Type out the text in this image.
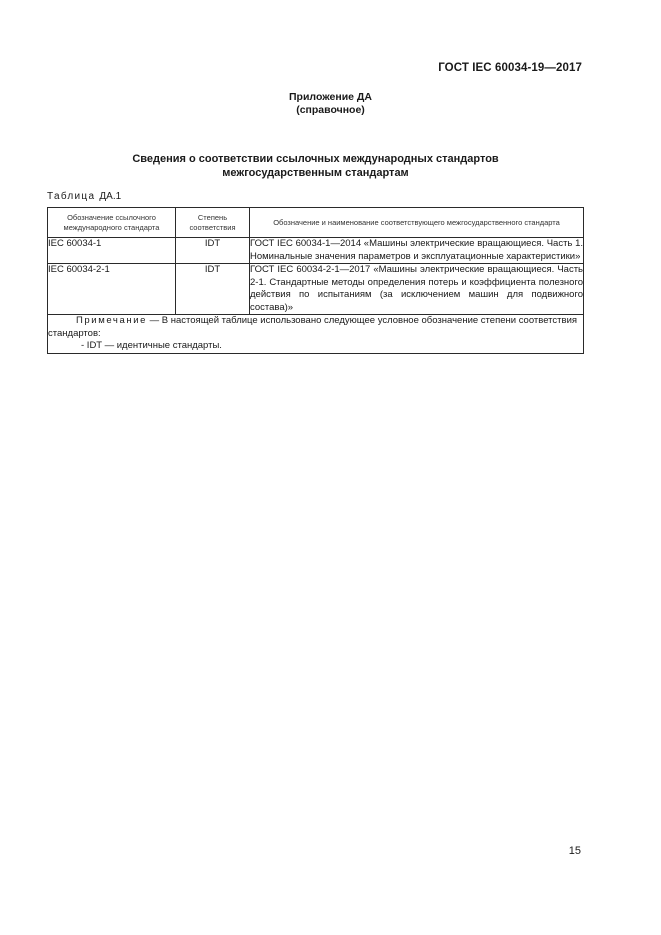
ГОСТ IEC 60034-19—2017
Приложение ДА
(справочное)
Сведения о соответствии ссылочных международных стандартов
межгосударственным стандартам
Таблица ДА.1
Обозначение ссылочного международного стандарта	Степень соответствия	Обозначение и наименование соответствующего межгосударственного стандарта
IEC 60034-1	IDT	ГОСТ IEC 60034-1—2014 «Машины электрические вращающиеся. Часть 1. Номинальные значения параметров и эксплуатационные характеристики»
IEC 60034-2-1	IDT	ГОСТ IEC 60034-2-1—2017 «Машины электрические вращающиеся. Часть 2-1. Стандартные методы определения потерь и коэффициента полезного действия по испытаниям (за исключением машин для подвижного состава)»

Примечание — В настоящей таблице использовано следующее условное обозначение степени соответствия стандартов:
- IDT — идентичные стандарты.		
15
